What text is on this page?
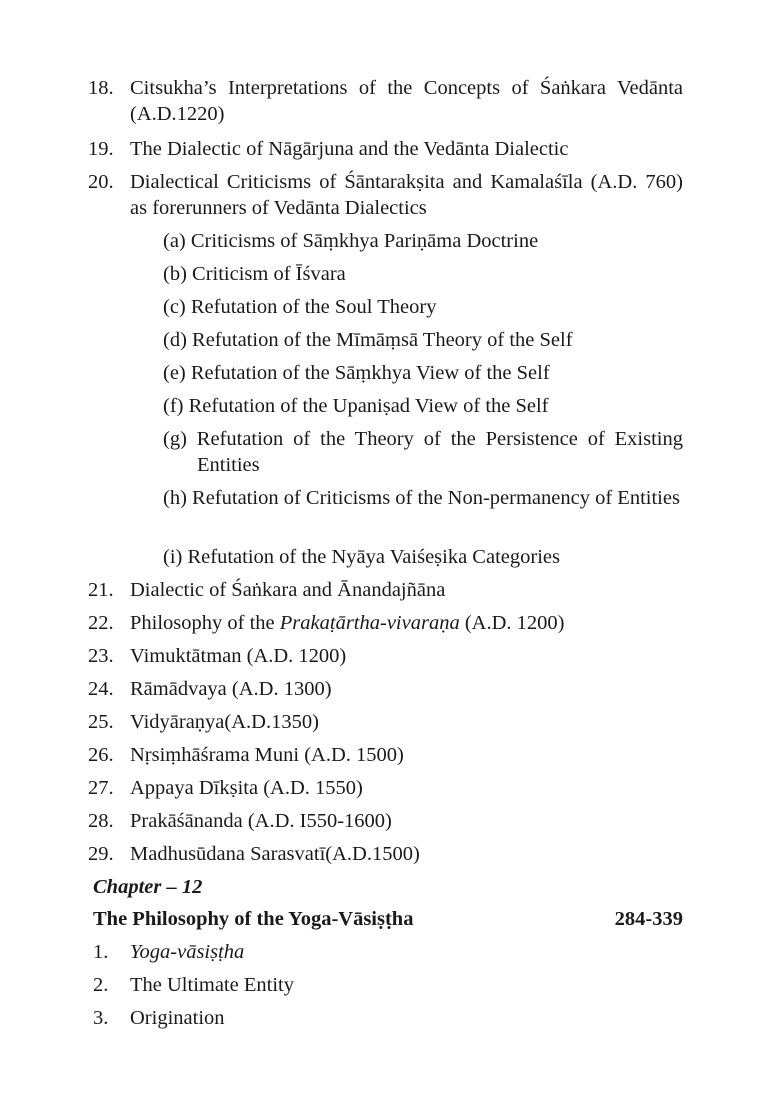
18. Citsukha’s Interpretations of the Concepts of Śaṅkara Vedānta (A.D.1220)
19. The Dialectic of Nāgārjuna and the Vedānta Dialectic
20. Dialectical Criticisms of Śāntarakṣita and Kamalaśīla (A.D. 760) as forerunners of Vedānta Dialectics
(a) Criticisms of Sāṃkhya Pariṇāma Doctrine
(b) Criticism of Īśvara
(c) Refutation of the Soul Theory
(d) Refutation of the Mīmāṃsā Theory of the Self
(e) Refutation of the Sāṃkhya View of the Self
(f) Refutation of the Upaniṣad View of the Self
(g) Refutation of the Theory of the Persistence of Existing Entities
(h) Refutation of Criticisms of the Non-permanency of Entities
(i) Refutation of the Nyāya Vaiśeṣika Categories
21. Dialectic of Śaṅkara and Ānandajñāna
22. Philosophy of the Prakaṭārtha-vivaraṇa (A.D. 1200)
23. Vimuktātman (A.D. 1200)
24. Rāmādvaya (A.D. 1300)
25. Vidyāraṇya(A.D.1350)
26. Nṛsiṃhāśrama Muni (A.D. 1500)
27. Appaya Dīkṣita (A.D. 1550)
28. Prakāśānanda (A.D. I550-1600)
29. Madhusūdana Sarasvatī(A.D.1500)
Chapter – 12
The Philosophy of the Yoga-Vāsiṣṭha	284-339
1. Yoga-vāsiṣṭha
2. The Ultimate Entity
3. Origination
